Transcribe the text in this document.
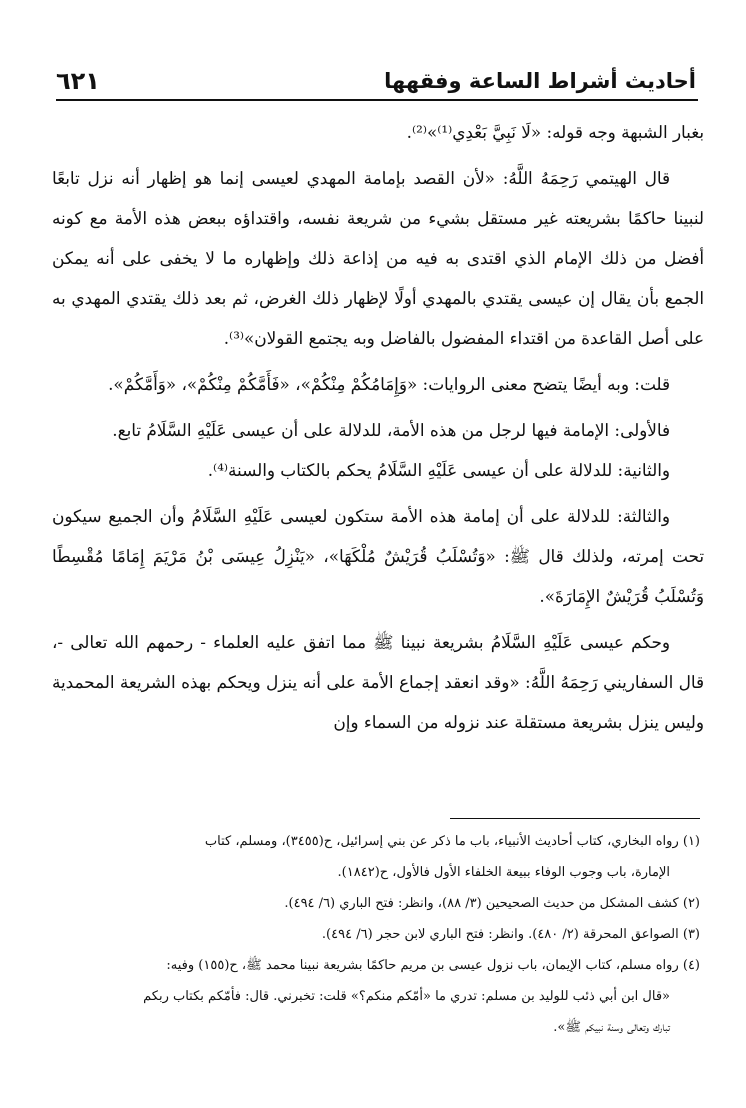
أحاديث أشراط الساعة وفقهها
٦٢١

بغبار الشبهة وجه قوله: «لَا نَبِيَّ بَعْدِي⁽¹⁾»⁽²⁾.

قال الهيتمي رَحِمَهُ اللَّهُ: «لأن القصد بإمامة المهدي لعيسى إنما هو إظهار أنه نزل تابعًا لنبينا حاكمًا بشريعته غير مستقل بشيء من شريعة نفسه، واقتداؤه ببعض هذه الأمة مع كونه أفضل من ذلك الإمام الذي اقتدى به فيه من إذاعة ذلك وإظهاره ما لا يخفى على أنه يمكن الجمع بأن يقال إن عيسى يقتدي بالمهدي أولًا لإظهار ذلك الغرض، ثم بعد ذلك يقتدي المهدي به على أصل القاعدة من اقتداء المفضول بالفاضل وبه يجتمع القولان»⁽³⁾.

قلت: وبه أيضًا يتضح معنى الروايات: «وَإِمَامُكُمْ مِنْكُمْ»، «فَأَمَّكُمْ مِنْكُمْ»، «وَأَمَّكُمْ».

فالأولى: الإمامة فيها لرجل من هذه الأمة، للدلالة على أن عيسى عَلَيْهِ السَّلَامُ تابع.

والثانية: للدلالة على أن عيسى عَلَيْهِ السَّلَامُ يحكم بالكتاب والسنة⁽⁴⁾.

والثالثة: للدلالة على أن إمامة هذه الأمة ستكون لعيسى عَلَيْهِ السَّلَامُ وأن الجميع سيكون تحت إمرته، ولذلك قال ﷺ: «وَتُسْلَبُ قُرَيْشٌ مُلْكَهَا»، «يَنْزِلُ عِيسَى بْنُ مَرْيَمَ إِمَامًا مُقْسِطًا وَتُسْلَبُ قُرَيْشٌ الإِمَارَةَ».

وحكم عيسى عَلَيْهِ السَّلَامُ بشريعة نبينا ﷺ مما اتفق عليه العلماء - رحمهم الله تعالى -، قال السفاريني رَحِمَهُ اللَّهُ: «وقد انعقد إجماع الأمة على أنه ينزل ويحكم بهذه الشريعة المحمدية وليس ينزل بشريعة مستقلة عند نزوله من السماء وإن

(١) رواه البخاري، كتاب أحاديث الأنبياء، باب ما ذكر عن بني إسرائيل، ح(٣٤٥٥)، ومسلم، كتاب

الإمارة، باب وجوب الوفاء ببيعة الخلفاء الأول فالأول، ح(١٨٤٢).

(٢) كشف المشكل من حديث الصحيحين (٣/ ٨٨)، وانظر: فتح الباري (٦/ ٤٩٤).

(٣) الصواعق المحرقة (٢/ ٤٨٠). وانظر: فتح الباري لابن حجر (٦/ ٤٩٤).

(٤) رواه مسلم، كتاب الإيمان، باب نزول عيسى بن مريم حاكمًا بشريعة نبينا محمد ﷺ، ح(١٥٥) وفيه:

«قال ابن أبي ذئب للوليد بن مسلم: تدري ما «أمّكم منكم؟» قلت: تخبرني. قال: فأمّكم بكتاب ربكم

تبارك وتعالى وسنة نبيكم ﷺ».
